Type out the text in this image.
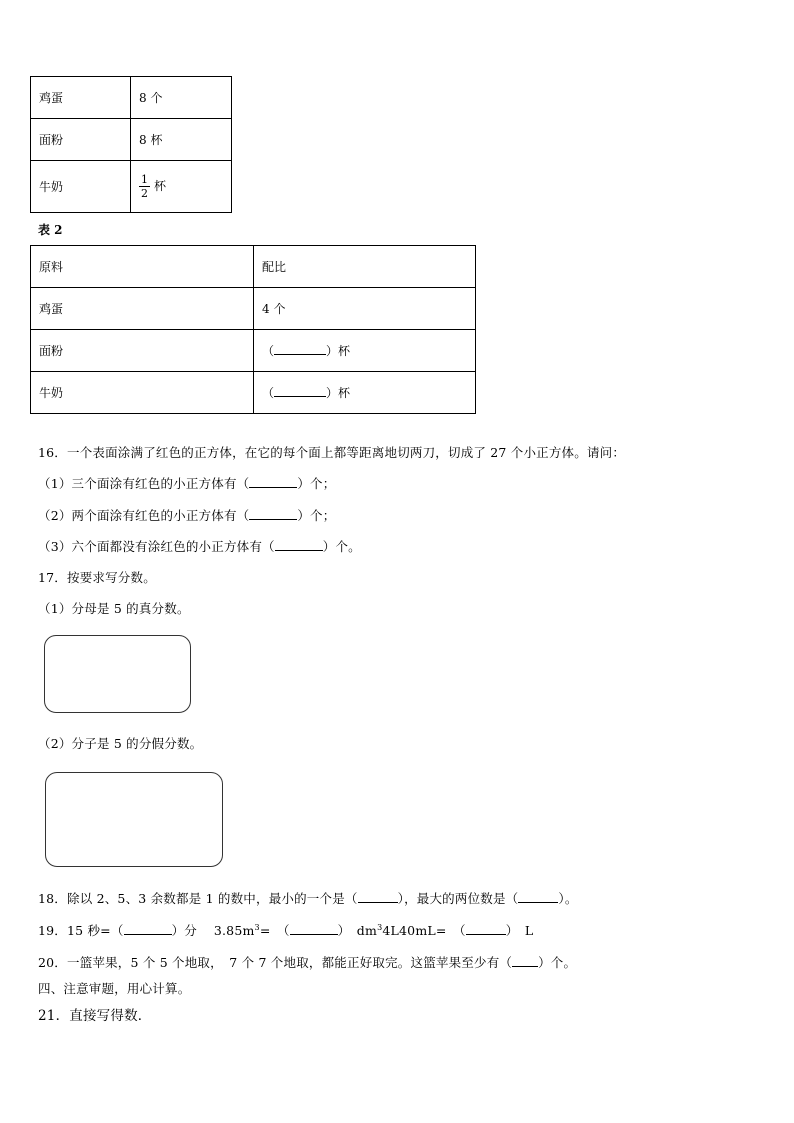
鸡蛋	8 个
面粉	8 杯
牛奶	$\frac{1}{2}$ 杯
表 2
原料	配比
鸡蛋	4 个
面粉	（ ）杯
牛奶	（ ）杯
16．一个表面涂满了红色的正方体，在它的每个面上都等距离地切两刀，切成了 27 个小正方体。请问：
（1）三个面涂有红色的小正方体有（	）个；
（2）两个面涂有红色的小正方体有（	）个；
（3）六个面都没有涂红色的小正方体有（	）个。
17．按要求写分数。
（1）分母是 5 的真分数。
（2）分子是 5 的分假分数。
18．除以 2、5、3 余数都是 1 的数中，最小的一个是（	），最大的两位数是（	）。
19．15 秒=（	）分　 $3.85m^3=$　（	）　$dm^34L40mL=$　（	）　L
20．一篮苹果，5 个 5 个地取，　7 个 7 个地取，都能正好取完。这篮苹果至少有（ ）个。
四、注意审题，用心计算。
21．直接写得数．
